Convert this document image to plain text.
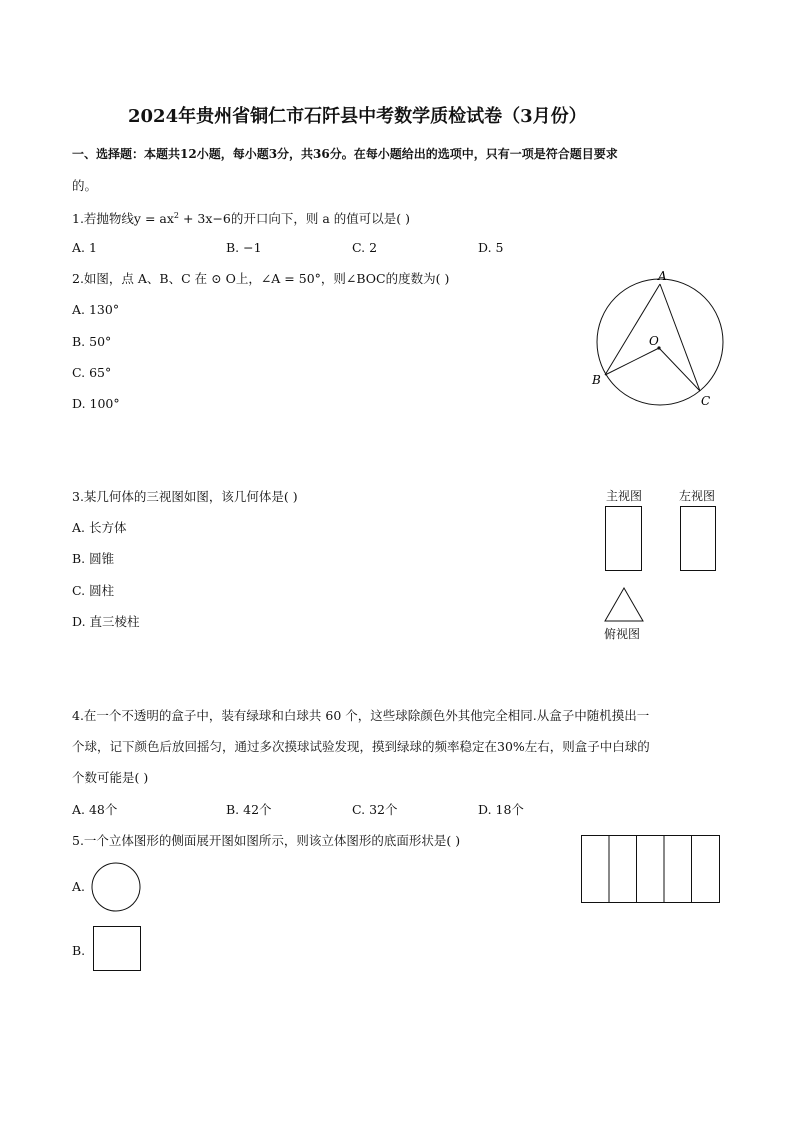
2024年贵州省铜仁市石阡县中考数学质检试卷（3月份）
一、选择题：本题共12小题，每小题3分，共36分。在每小题给出的选项中，只有一项是符合题目要求
的。
1.若抛物线$y = ax^2 + 3x-6$的开口向下，则 a 的值可以是( )
A. 1	B. −1	C. 2	D. 5
2.如图，点 A、B、C 在 ⊙ O上，∠A = 50°，则∠BOC的度数为( )
A. 130°
B. 50°
C. 65°
D. 100°
A
O
B
C
3.某几何体的三视图如图，该几何体是( )
A. 长方体
B. 圆锥
C. 圆柱
D. 直三棱柱
主视图	左视图
俯视图
4.在一个不透明的盒子中，装有绿球和白球共 60 个，这些球除颜色外其他完全相同.从盒子中随机摸出一
个球，记下颜色后放回摇匀，通过多次摸球试验发现，摸到绿球的频率稳定在30%左右，则盒子中白球的
个数可能是( )
A. 48个	B. 42个	C. 32个	D. 18个
5.一个立体图形的侧面展开图如图所示，则该立体图形的底面形状是( )
A.
B.
